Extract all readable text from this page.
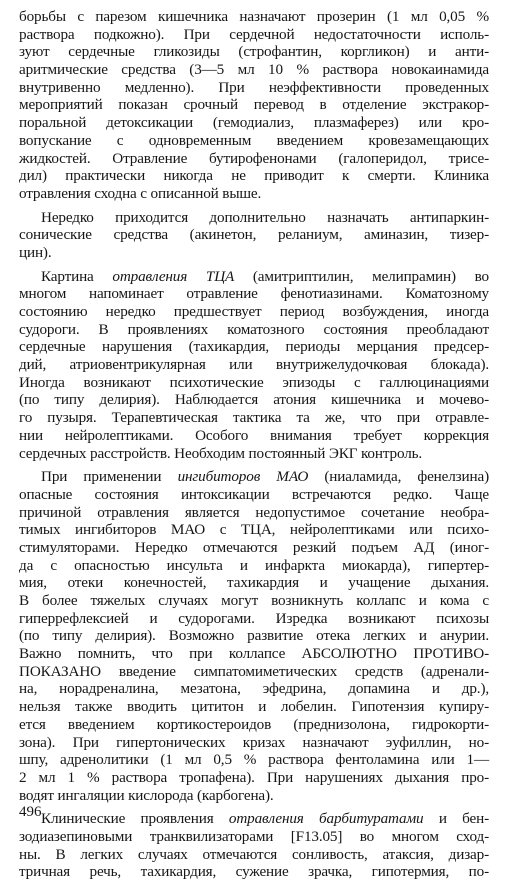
борьбы с парезом кишечника назначают прозерин (1 мл 0,05 %
раствора подкожно). При сердечной недостаточности исполь-
зуют сердечные гликозиды (строфантин, коргликон) и анти-
аритмические средства (3—5 мл 10 % раствора новокаинамида
внутривенно медленно). При неэффективности проведенных
мероприятий показан срочный перевод в отделение экстракор-
поральной детоксикации (гемодиализ, плазмаферез) или кро-
вопускание с одновременным введением кровезамещающих
жидкостей. Отравление бутирофенонами (галоперидол, трисе-
дил) практически никогда не приводит к смерти. Клиника
отравления сходна с описанной выше.
Нередко приходится дополнительно назначать антипаркин-
сонические средства (акинетон, реланиум, аминазин, тизер-
цин).
Картина отравления ТЦА (амитриптилин, мелипрамин) во
многом напоминает отравление фенотиазинами. Коматозному
состоянию нередко предшествует период возбуждения, иногда
судороги. В проявлениях коматозного состояния преобладают
сердечные нарушения (тахикардия, периоды мерцания предсер-
дий, атриовентрикулярная или внутрижелудочковая блокада).
Иногда возникают психотические эпизоды с галлюцинациями
(по типу делирия). Наблюдается атония кишечника и мочево-
го пузыря. Терапевтическая тактика та же, что при отравле-
нии нейролептиками. Особого внимания требует коррекция
сердечных расстройств. Необходим постоянный ЭКГ контроль.
При применении ингибиторов МАО (ниаламида, фенелзина)
опасные состояния интоксикации встречаются редко. Чаще
причиной отравления является недопустимое сочетание необра-
тимых ингибиторов МАО с ТЦА, нейролептиками или психо-
стимуляторами. Нередко отмечаются резкий подъем АД (иног-
да с опасностью инсульта и инфаркта миокарда), гипертер-
мия, отеки конечностей, тахикардия и учащение дыхания.
В более тяжелых случаях могут возникнуть коллапс и кома с
гиперрефлексией и судорогами. Изредка возникают психозы
(по типу делирия). Возможно развитие отека легких и анурии.
Важно помнить, что при коллапсе АБСОЛЮТНО ПРОТИВО-
ПОКАЗАНО введение симпатомиметических средств (адренали-
на, норадреналина, мезатона, эфедрина, допамина и др.),
нельзя также вводить цититон и лобелин. Гипотензия купиру-
ется введением кортикостероидов (преднизолона, гидрокорти-
зона). При гипертонических кризах назначают эуфиллин, но-
шпу, адренолитики (1 мл 0,5 % раствора фентоламина или 1—
2 мл 1 % раствора тропафена). При нарушениях дыхания про-
водят ингаляции кислорода (карбогена).
Клинические проявления отравления барбитуратами и бен-
зодиазепиновыми транквилизаторами [F13.05] во многом сход-
ны. В легких случаях отмечаются сонливость, атаксия, дизар-
тричная речь, тахикардия, сужение зрачка, гипотермия, по-
496
